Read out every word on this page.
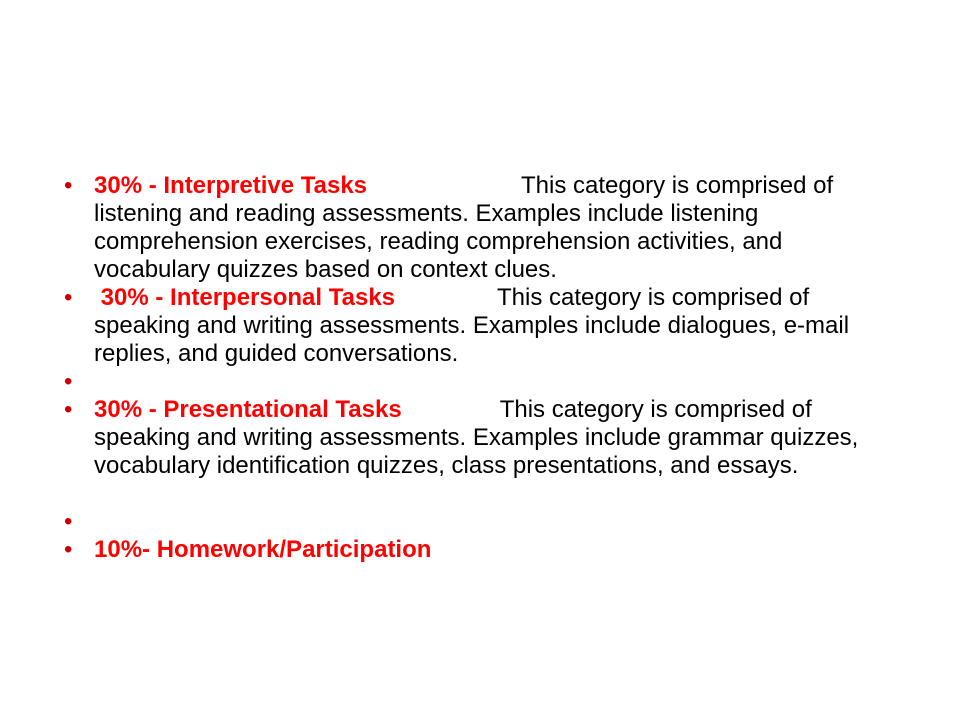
• 30% - Interpretive Tasks	This category is comprised of listening and reading assessments. Examples include listening comprehension exercises, reading comprehension activities, and vocabulary quizzes based on context clues.
• 30% - Interpersonal Tasks	This category is comprised of speaking and writing assessments. Examples include dialogues, e-mail replies, and guided conversations.
•
• 30% - Presentational Tasks	This category is comprised of speaking and writing assessments. Examples include grammar quizzes, vocabulary identification quizzes, class presentations, and essays.
•
• 10%- Homework/Participation
